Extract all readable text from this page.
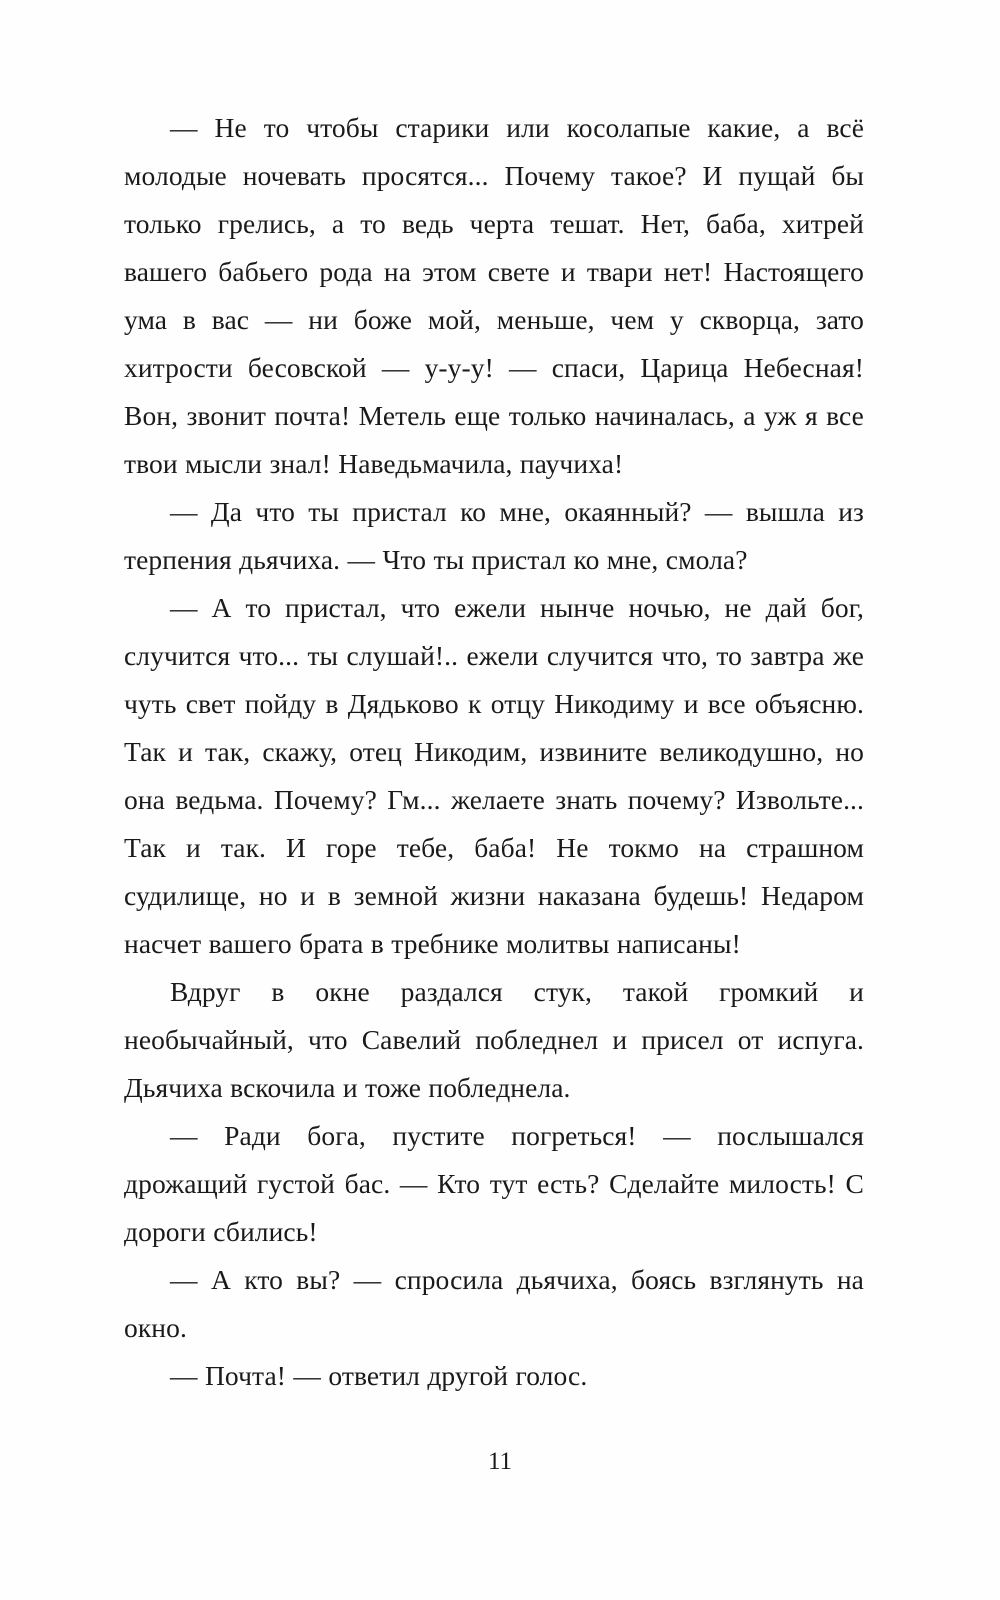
— Не то чтобы старики или косолапые какие, а всё молодые ночевать просятся... Почему такое? И пущай бы только грелись, а то ведь черта тешат. Нет, баба, хитрей вашего бабьего рода на этом свете и твари нет! Настоящего ума в вас — ни боже мой, меньше, чем у скворца, зато хитрости бесовской — у-у-у! — спаси, Царица Небесная! Вон, звонит почта! Метель еще только начиналась, а уж я все твои мысли знал! Наведьмачила, паучиха!

— Да что ты пристал ко мне, окаянный? — вышла из терпения дьячиха. — Что ты пристал ко мне, смола?

— А то пристал, что ежели нынче ночью, не дай бог, случится что... ты слушай!.. ежели случится что, то завтра же чуть свет пойду в Дядьково к отцу Никодиму и все объясню. Так и так, скажу, отец Никодим, извините великодушно, но она ведьма. Почему? Гм... желаете знать почему? Извольте... Так и так. И горе тебе, баба! Не токмо на страшном судилище, но и в земной жизни наказана будешь! Недаром насчет вашего брата в требнике молитвы написаны!

Вдруг в окне раздался стук, такой громкий и необычайный, что Савелий побледнел и присел от испуга. Дьячиха вскочила и тоже побледнела.

— Ради бога, пустите погреться! — послышался дрожащий густой бас. — Кто тут есть? Сделайте милость! С дороги сбились!

— А кто вы? — спросила дьячиха, боясь взглянуть на окно.

— Почта! — ответил другой голос.

11
